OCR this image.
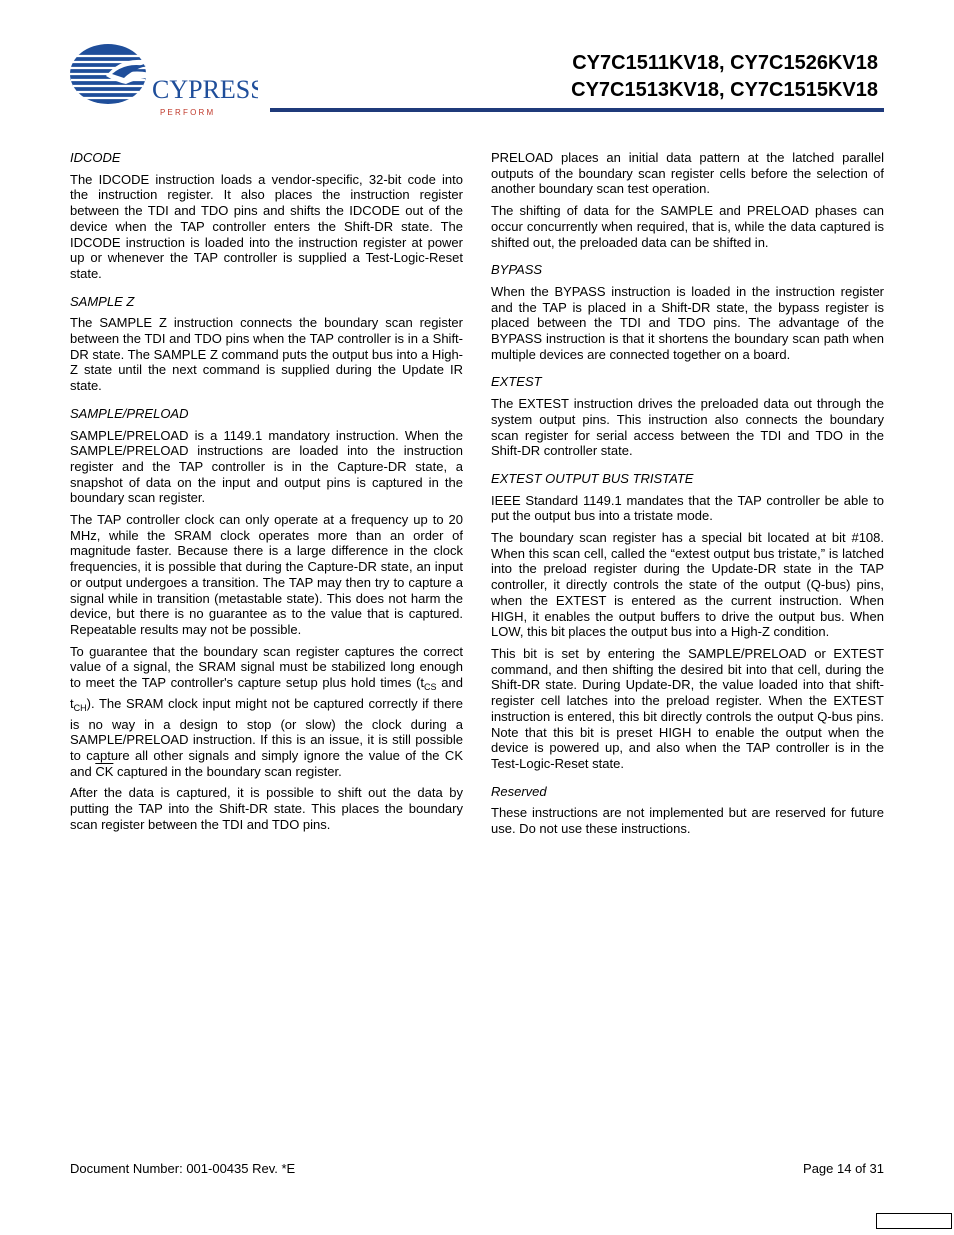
CYPRESS
P E R F O R M
CY7C1511KV18, CY7C1526KV18
CY7C1513KV18, CY7C1515KV18
IDCODE
The IDCODE instruction loads a vendor-specific, 32-bit code into the instruction register. It also places the instruction register between the TDI and TDO pins and shifts the IDCODE out of the device when the TAP controller enters the Shift-DR state. The IDCODE instruction is loaded into the instruction register at power up or whenever the TAP controller is supplied a Test-Logic-Reset state.
SAMPLE Z
The SAMPLE Z instruction connects the boundary scan register between the TDI and TDO pins when the TAP controller is in a Shift-DR state. The SAMPLE Z command puts the output bus into a High-Z state until the next command is supplied during the Update IR state.
SAMPLE/PRELOAD
SAMPLE/PRELOAD is a 1149.1 mandatory instruction. When the SAMPLE/PRELOAD instructions are loaded into the instruction register and the TAP controller is in the Capture-DR state, a snapshot of data on the input and output pins is captured in the boundary scan register.
The TAP controller clock can only operate at a frequency up to 20 MHz, while the SRAM clock operates more than an order of magnitude faster. Because there is a large difference in the clock frequencies, it is possible that during the Capture-DR state, an input or output undergoes a transition. The TAP may then try to capture a signal while in transition (metastable state). This does not harm the device, but there is no guarantee as to the value that is captured. Repeatable results may not be possible.
To guarantee that the boundary scan register captures the correct value of a signal, the SRAM signal must be stabilized long enough to meet the TAP controller's capture setup plus hold times ($t_{CS}$ and $t_{CH}$). The SRAM clock input might not be captured correctly if there is no way in a design to stop (or slow) the clock during a SAMPLE/PRELOAD instruction. If this is an issue, it is still possible to capture all other signals and simply ignore the value of the CK and $\overline{CK}$ captured in the boundary scan register.
After the data is captured, it is possible to shift out the data by putting the TAP into the Shift-DR state. This places the boundary scan register between the TDI and TDO pins.
PRELOAD places an initial data pattern at the latched parallel outputs of the boundary scan register cells before the selection of another boundary scan test operation.
The shifting of data for the SAMPLE and PRELOAD phases can occur concurrently when required, that is, while the data captured is shifted out, the preloaded data can be shifted in.
BYPASS
When the BYPASS instruction is loaded in the instruction register and the TAP is placed in a Shift-DR state, the bypass register is placed between the TDI and TDO pins. The advantage of the BYPASS instruction is that it shortens the boundary scan path when multiple devices are connected together on a board.
EXTEST
The EXTEST instruction drives the preloaded data out through the system output pins. This instruction also connects the boundary scan register for serial access between the TDI and TDO in the Shift-DR controller state.
EXTEST OUTPUT BUS TRISTATE
IEEE Standard 1149.1 mandates that the TAP controller be able to put the output bus into a tristate mode.
The boundary scan register has a special bit located at bit #108. When this scan cell, called the “extest output bus tristate,” is latched into the preload register during the Update-DR state in the TAP controller, it directly controls the state of the output (Q-bus) pins, when the EXTEST is entered as the current instruction. When HIGH, it enables the output buffers to drive the output bus. When LOW, this bit places the output bus into a High-Z condition.
This bit is set by entering the SAMPLE/PRELOAD or EXTEST command, and then shifting the desired bit into that cell, during the Shift-DR state. During Update-DR, the value loaded into that shift-register cell latches into the preload register. When the EXTEST instruction is entered, this bit directly controls the output Q-bus pins. Note that this bit is preset HIGH to enable the output when the device is powered up, and also when the TAP controller is in the Test-Logic-Reset state.
Reserved
These instructions are not implemented but are reserved for future use. Do not use these instructions.
Document Number: 001-00435 Rev. *E	Page 14 of 31
